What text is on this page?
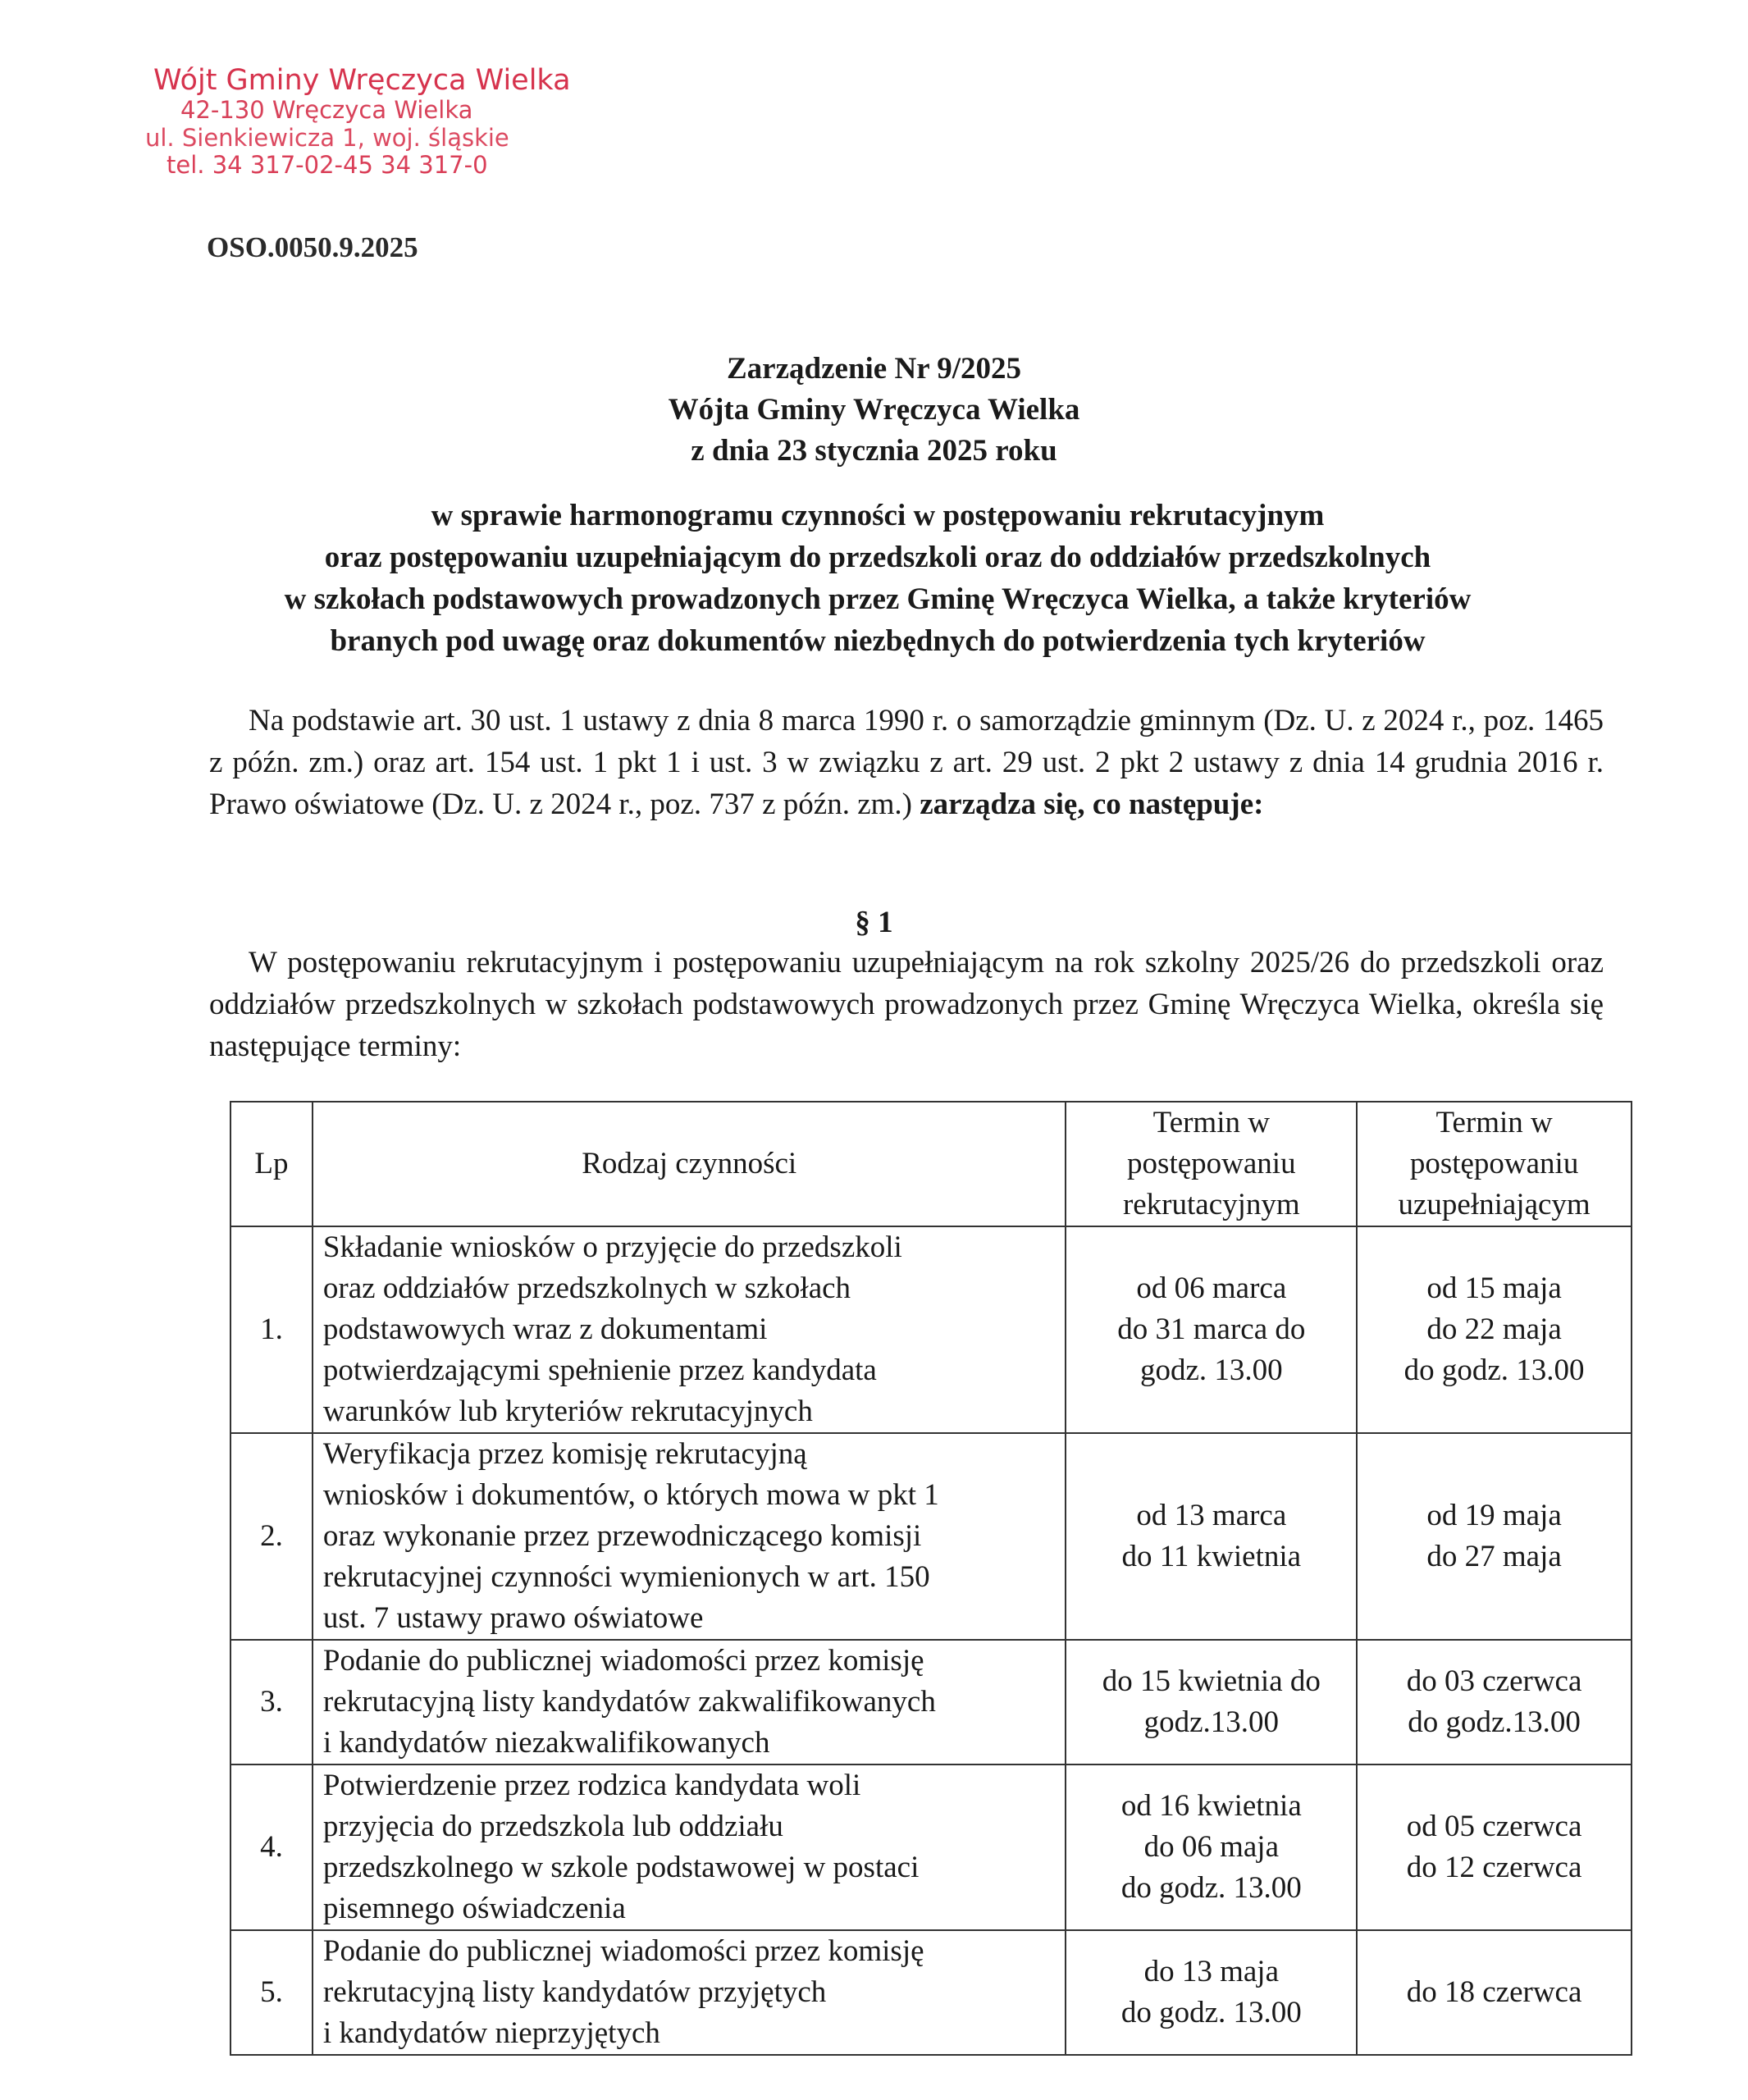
Wójt Gminy Wręczyca Wielka
42-130 Wręczyca Wielka
ul. Sienkiewicza 1, woj. śląskie
tel. 34 317-02-45 34 317-0
OSO.0050.9.2025
Zarządzenie Nr 9/2025
Wójta Gminy Wręczyca Wielka
z dnia 23 stycznia 2025 roku
w sprawie harmonogramu czynności w postępowaniu rekrutacyjnym
oraz postępowaniu uzupełniającym do przedszkoli oraz do oddziałów przedszkolnych
w szkołach podstawowych prowadzonych przez Gminę Wręczyca Wielka, a także kryteriów
branych pod uwagę oraz dokumentów niezbędnych do potwierdzenia tych kryteriów
Na podstawie art. 30 ust. 1 ustawy z dnia 8 marca 1990 r. o samorządzie gminnym (Dz. U. z 2024 r., poz. 1465 z późn. zm.) oraz art. 154 ust. 1 pkt 1 i ust. 3 w związku z art. 29 ust. 2 pkt 2 ustawy z dnia 14 grudnia 2016 r. Prawo oświatowe (Dz. U. z 2024 r., poz. 737 z późn. zm.) zarządza się, co następuje:
§ 1
W postępowaniu rekrutacyjnym i postępowaniu uzupełniającym na rok szkolny 2025/26 do przedszkoli oraz oddziałów przedszkolnych w szkołach podstawowych prowadzonych przez Gminę Wręczyca Wielka, określa się następujące terminy:
Lp	Rodzaj czynności	Termin w
postępowaniu
rekrutacyjnym	Termin w
postępowaniu
uzupełniającym
1.	Składanie wniosków o przyjęcie do przedszkoli
oraz oddziałów przedszkolnych w szkołach
podstawowych wraz z dokumentami
potwierdzającymi spełnienie przez kandydata
warunków lub kryteriów rekrutacyjnych	od 06 marca
do 31 marca do
godz. 13.00	od 15 maja
do 22 maja
do godz. 13.00
2.	Weryfikacja przez komisję rekrutacyjną
wniosków i dokumentów, o których mowa w pkt 1
oraz wykonanie przez przewodniczącego komisji
rekrutacyjnej czynności wymienionych w art. 150
ust. 7 ustawy prawo oświatowe	od 13 marca
do 11 kwietnia	od 19 maja
do 27 maja
3.	Podanie do publicznej wiadomości przez komisję
rekrutacyjną listy kandydatów zakwalifikowanych
i kandydatów niezakwalifikowanych	do 15 kwietnia do
godz.13.00	do 03 czerwca
do godz.13.00
4.	Potwierdzenie przez rodzica kandydata woli
przyjęcia do przedszkola lub oddziału
przedszkolnego w szkole podstawowej w postaci
pisemnego oświadczenia	od 16 kwietnia
do 06 maja
do godz. 13.00	od 05 czerwca
do 12 czerwca
5.	Podanie do publicznej wiadomości przez komisję
rekrutacyjną listy kandydatów przyjętych
i kandydatów nieprzyjętych	do 13 maja
do godz. 13.00	do 18 czerwca
